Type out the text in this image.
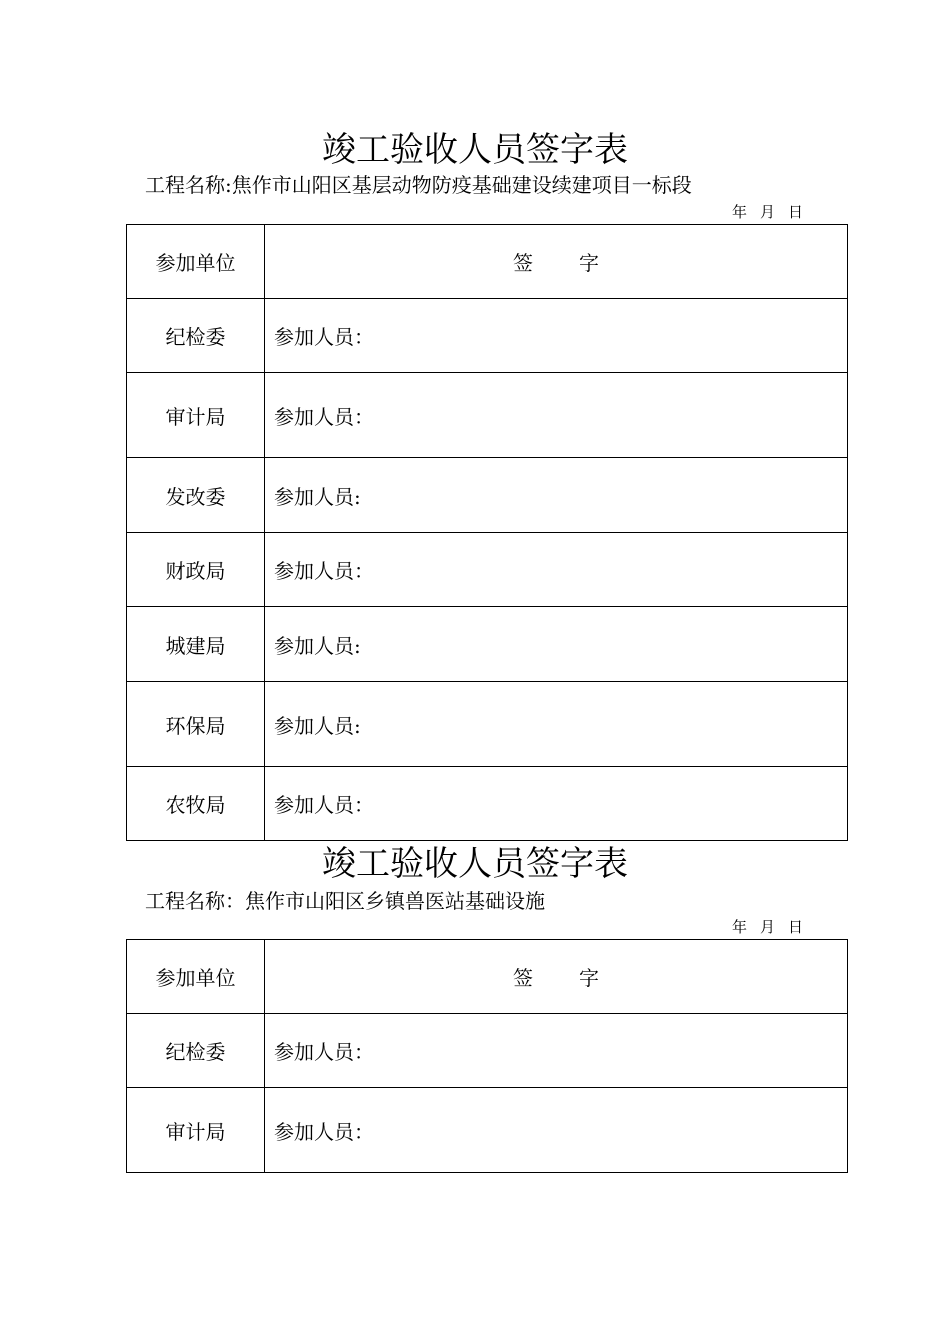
竣工验收人员签字表
工程名称:焦作市山阳区基层动物防疫基础建设续建项目一标段
年 月 日
参加单位	签 字
纪检委	参加人员：
审计局	参加人员：
发改委	参加人员:
财政局	参加人员：
城建局	参加人员:
环保局	参加人员:
农牧局	参加人员：
竣工验收人员签字表
工程名称：焦作市山阳区乡镇兽医站基础设施
年 月 日
参加单位	签 字
纪检委	参加人员：
审计局	参加人员：
